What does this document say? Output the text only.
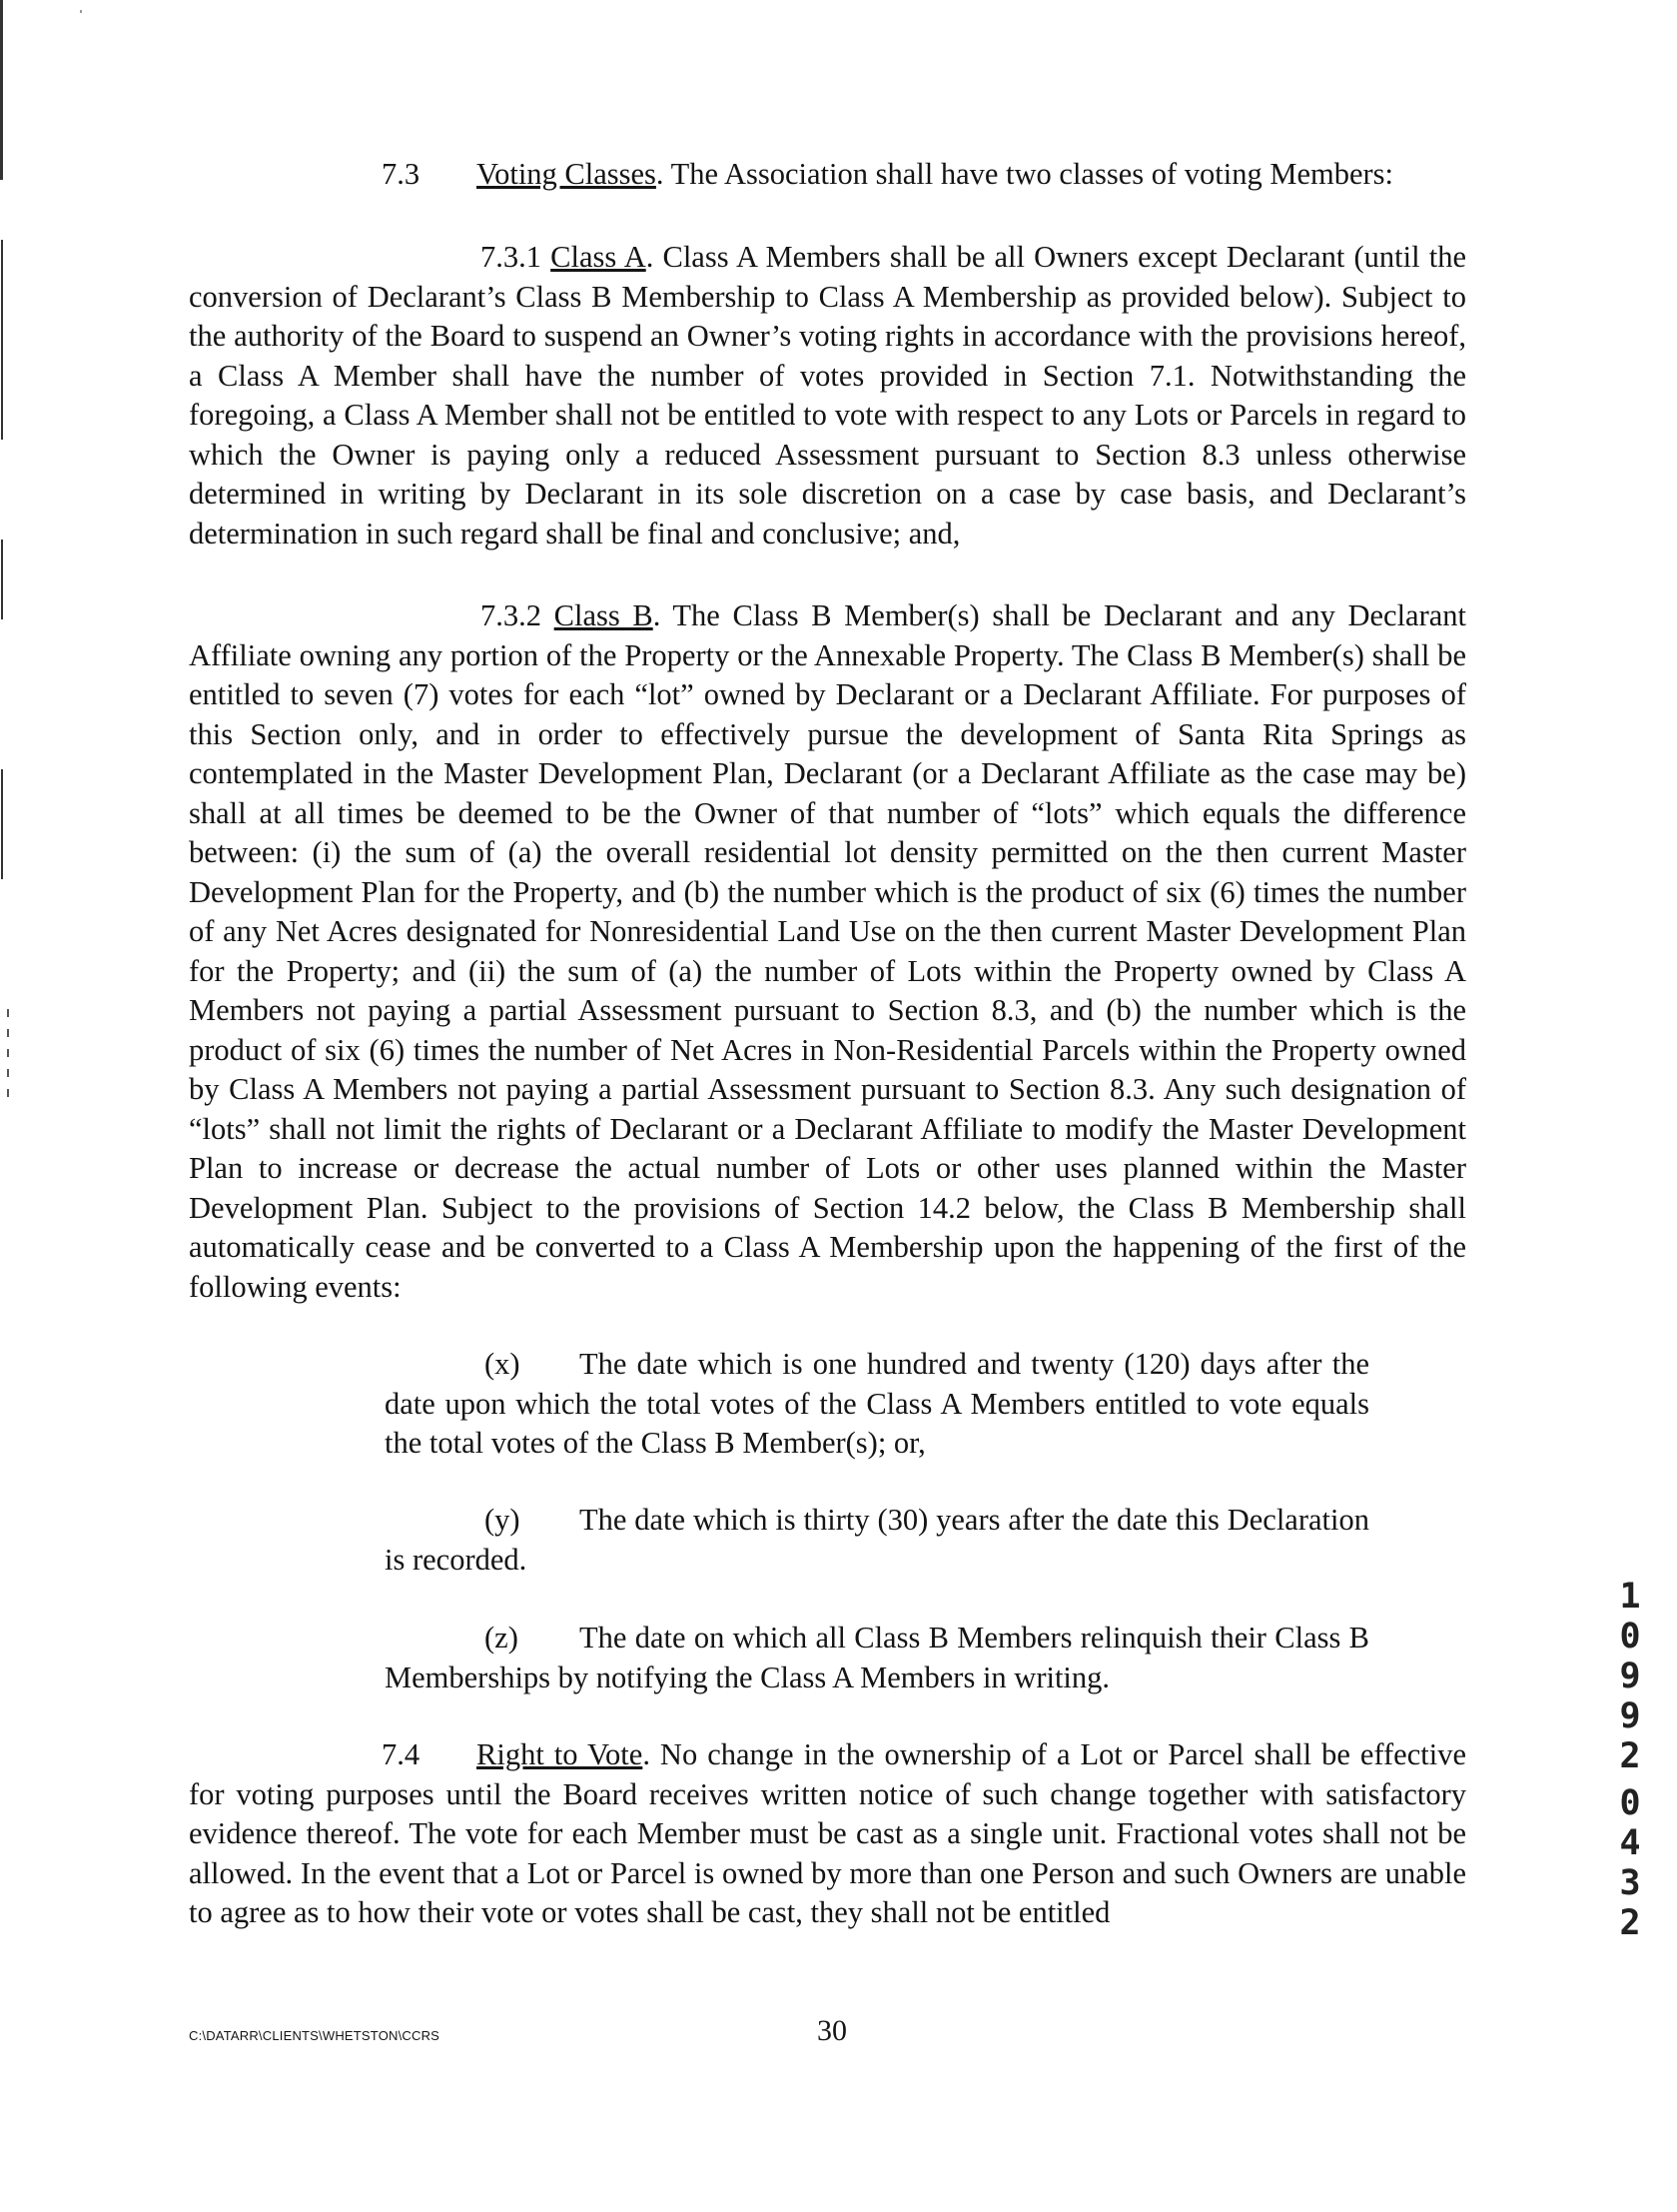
7.3 Voting Classes. The Association shall have two classes of voting Members:
7.3.1 Class A. Class A Members shall be all Owners except Declarant (until the conversion of Declarant’s Class B Membership to Class A Membership as provided below). Subject to the authority of the Board to suspend an Owner’s voting rights in accordance with the provisions hereof, a Class A Member shall have the number of votes provided in Section 7.1. Notwithstanding the foregoing, a Class A Member shall not be entitled to vote with respect to any Lots or Parcels in regard to which the Owner is paying only a reduced Assessment pursuant to Section 8.3 unless otherwise determined in writing by Declarant in its sole discretion on a case by case basis, and Declarant’s determination in such regard shall be final and conclusive; and,
7.3.2 Class B. The Class B Member(s) shall be Declarant and any Declarant Affiliate owning any portion of the Property or the Annexable Property. The Class B Member(s) shall be entitled to seven (7) votes for each “lot” owned by Declarant or a Declarant Affiliate. For purposes of this Section only, and in order to effectively pursue the development of Santa Rita Springs as contemplated in the Master Development Plan, Declarant (or a Declarant Affiliate as the case may be) shall at all times be deemed to be the Owner of that number of “lots” which equals the difference between: (i) the sum of (a) the overall residential lot density permitted on the then current Master Development Plan for the Property, and (b) the number which is the product of six (6) times the number of any Net Acres designated for Nonresidential Land Use on the then current Master Development Plan for the Property; and (ii) the sum of (a) the number of Lots within the Property owned by Class A Members not paying a partial Assessment pursuant to Section 8.3, and (b) the number which is the product of six (6) times the number of Net Acres in Non-Residential Parcels within the Property owned by Class A Members not paying a partial Assessment pursuant to Section 8.3. Any such designation of “lots” shall not limit the rights of Declarant or a Declarant Affiliate to modify the Master Development Plan to increase or decrease the actual number of Lots or other uses planned within the Master Development Plan. Subject to the provisions of Section 14.2 below, the Class B Membership shall automatically cease and be converted to a Class A Membership upon the happening of the first of the following events:

(x) The date which is one hundred and twenty (120) days after the date upon which the total votes of the Class A Members entitled to vote equals the total votes of the Class B Member(s); or,

(y) The date which is thirty (30) years after the date this Declaration is recorded.

(z) The date on which all Class B Members relinquish their Class B Memberships by notifying the Class A Members in writing.

7.4 Right to Vote. No change in the ownership of a Lot or Parcel shall be effective for voting purposes until the Board receives written notice of such change together with satisfactory evidence thereof. The vote for each Member must be cast as a single unit. Fractional votes shall not be allowed. In the event that a Lot or Parcel is owned by more than one Person and such Owners are unable to agree as to how their vote or votes shall be cast, they shall not be entitled
C:\DATARR\CLIENTS\WHETSTON\CCRS	30
1
0
9
9
2
0
4
3
2
